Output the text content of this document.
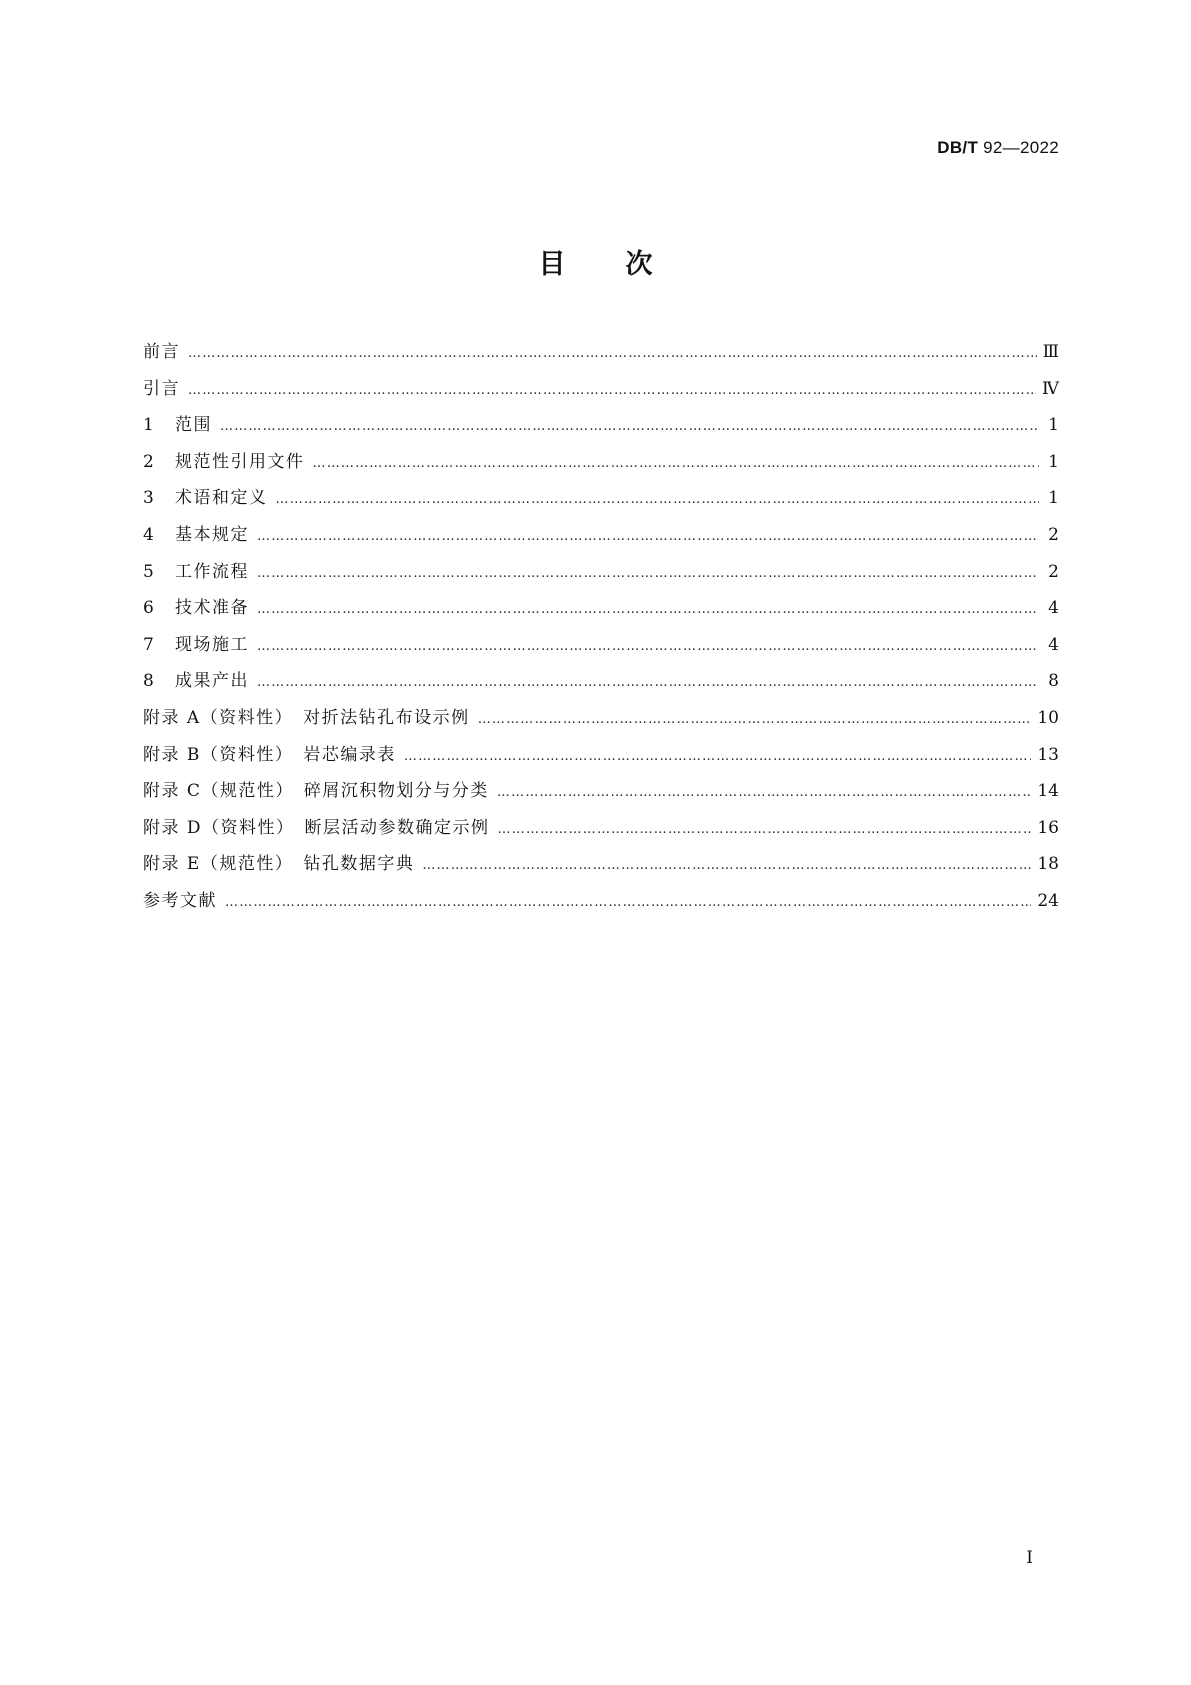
DB/T 92—2022
目次
前言 ……………………………………………………………………………………………………………………………………………………………………………………………………………………	Ⅲ
引言 ……………………………………………………………………………………………………………………………………………………………………………………………………………………	Ⅳ
1 范围 ……………………………………………………………………………………………………………………………………………………………………………………………………………………	1
2 规范性引用文件 ……………………………………………………………………………………………………………………………………………………………………………………………………………………	1
3 术语和定义 ……………………………………………………………………………………………………………………………………………………………………………………………………………………	1
4 基本规定 ……………………………………………………………………………………………………………………………………………………………………………………………………………………	2
5 工作流程 ……………………………………………………………………………………………………………………………………………………………………………………………………………………	2
6 技术准备 ……………………………………………………………………………………………………………………………………………………………………………………………………………………	4
7 现场施工 ……………………………………………………………………………………………………………………………………………………………………………………………………………………	4
8 成果产出 ……………………………………………………………………………………………………………………………………………………………………………………………………………………	8
附录 A（资料性）　对折法钻孔布设示例 ……………………………………………………………………………………………………………………………………………………………………………………………………………………	10
附录 B（资料性）　岩芯编录表 ……………………………………………………………………………………………………………………………………………………………………………………………………………………	13
附录 C（规范性）　碎屑沉积物划分与分类 ……………………………………………………………………………………………………………………………………………………………………………………………………………………	14
附录 D（资料性）　断层活动参数确定示例 ……………………………………………………………………………………………………………………………………………………………………………………………………………………	16
附录 E（规范性）　钻孔数据字典 ……………………………………………………………………………………………………………………………………………………………………………………………………………………	18
参考文献 ……………………………………………………………………………………………………………………………………………………………………………………………………………………	24
Ⅰ
